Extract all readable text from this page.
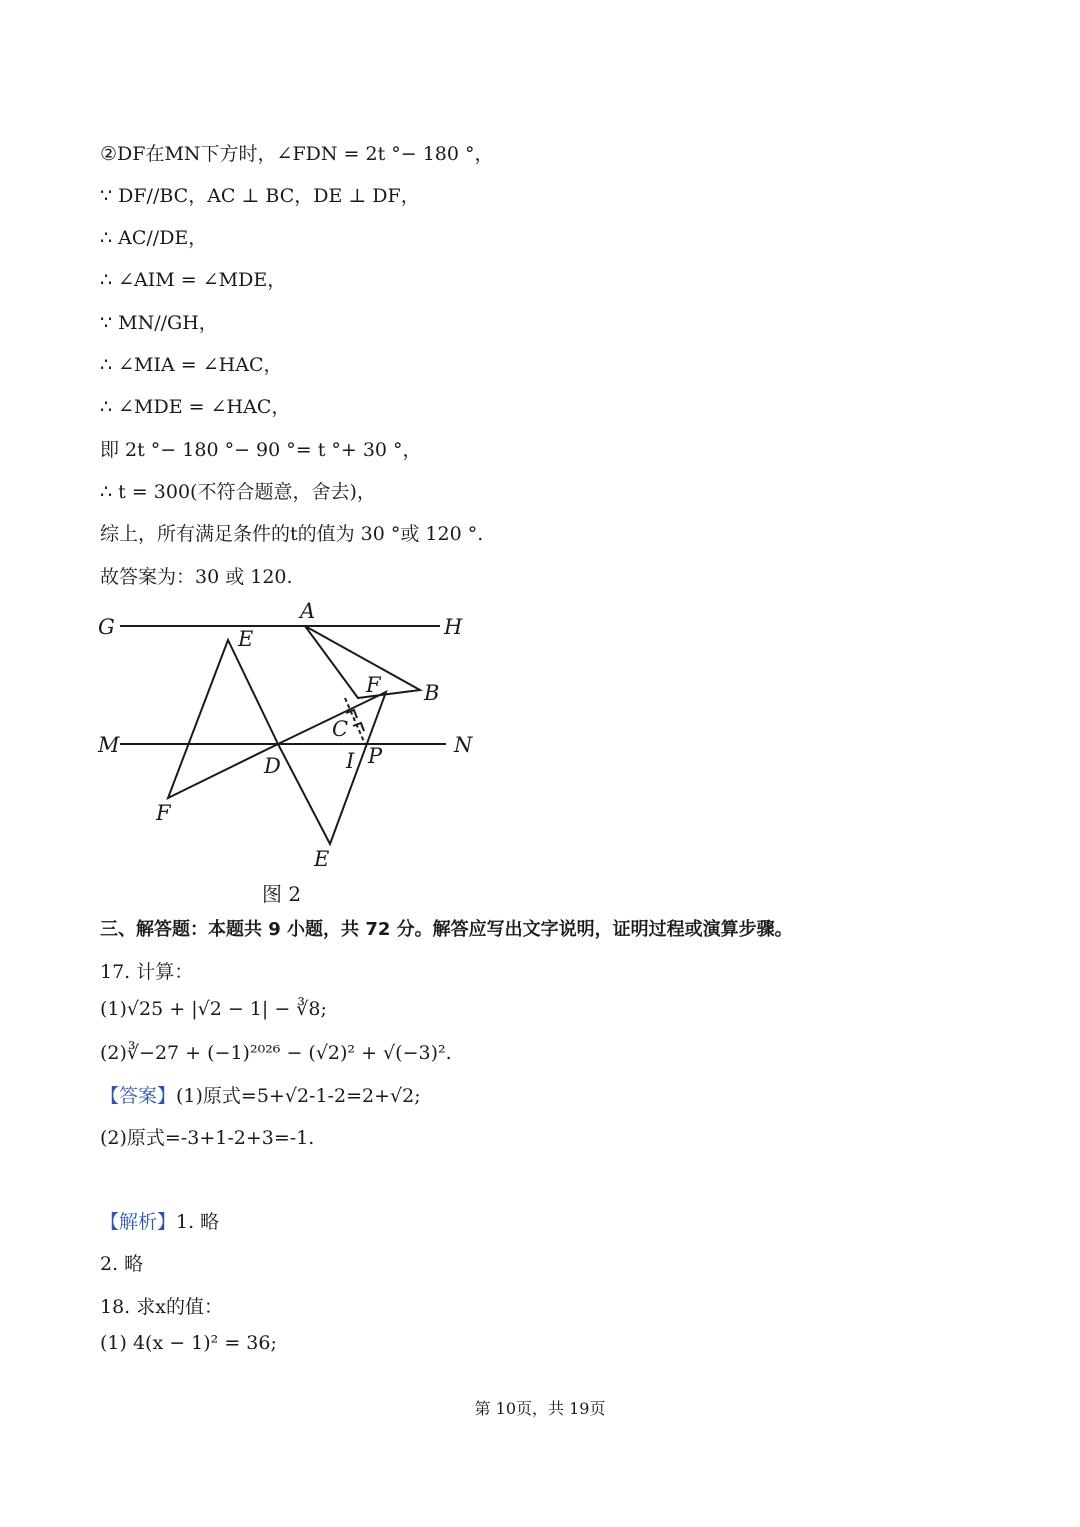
②DF在MN下方时，∠FDN = 2t °− 180 °，
∵ DF//BC，AC ⊥ BC，DE ⊥ DF，
∴ AC//DE，
∴ ∠AIM = ∠MDE，
∵ MN//GH，
∴ ∠MIA = ∠HAC，
∴ ∠MDE = ∠HAC，
即 2t °− 180 °− 90 °= t °+ 30 °，
∴ t = 300(不符合题意，舍去)，
综上，所有满足条件的t的值为 30 °或 120 °.
故答案为：30 或 120.
G	H
A
E
F B
C
M	N
D	I P
F
E
图 2
三、解答题：本题共 9 小题，共 72 分。解答应写出文字说明，证明过程或演算步骤。
17. 计算：
(1)√25 + |√2 − 1| − ∛8;
(2)∛−27 + (−1)²⁰²⁶ − (√2)² + √(−3)².
【答案】(1)原式=5+√2-1-2=2+√2;
(2)原式=-3+1-2+3=-1.
【解析】1. 略
2. 略
18. 求x的值：
(1) 4(x − 1)² = 36;
第 10页，共 19页
